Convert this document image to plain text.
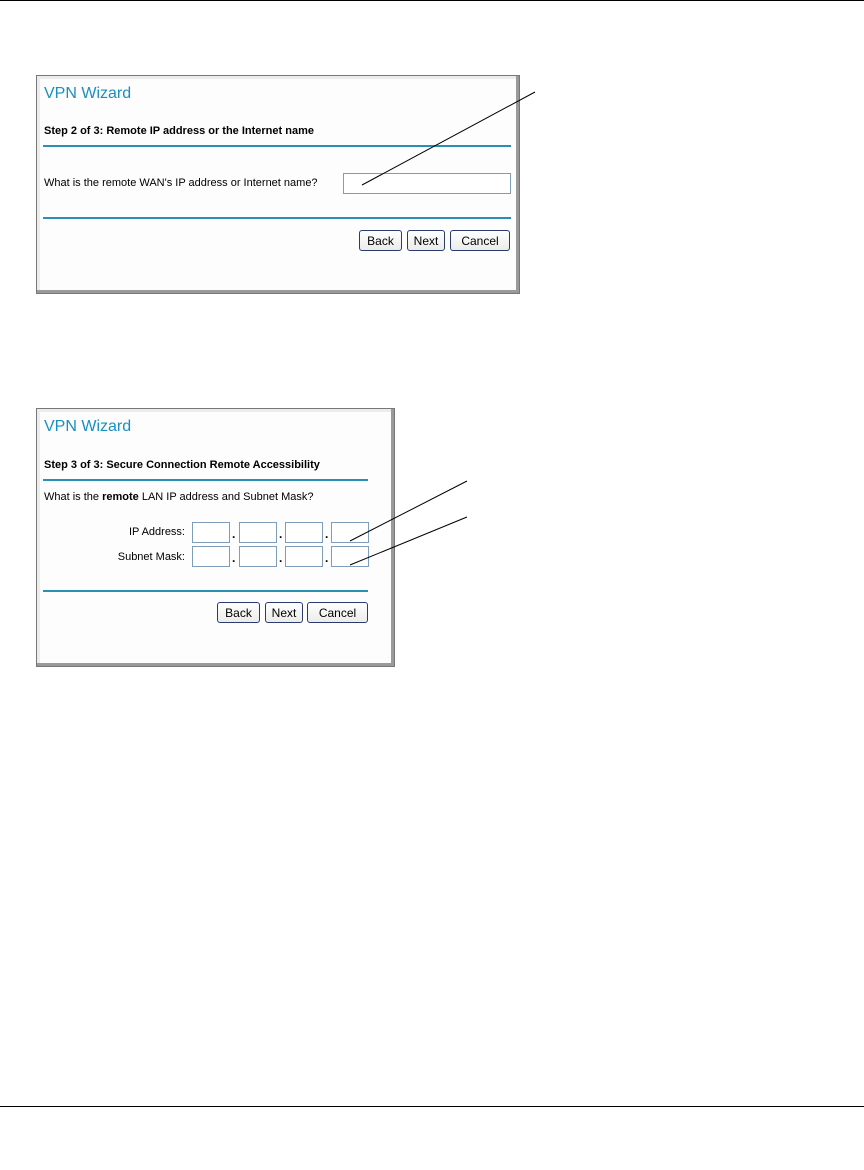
VPN Wizard
Step 2 of 3: Remote IP address or the Internet name
What is the remote WAN's IP address or Internet name?
Back	Next	Cancel
VPN Wizard
Step 3 of 3: Secure Connection Remote Accessibility
What is the remote LAN IP address and Subnet Mask?
IP Address:	.	.	.
Subnet Mask:	.	.	.
Back	Next	Cancel
